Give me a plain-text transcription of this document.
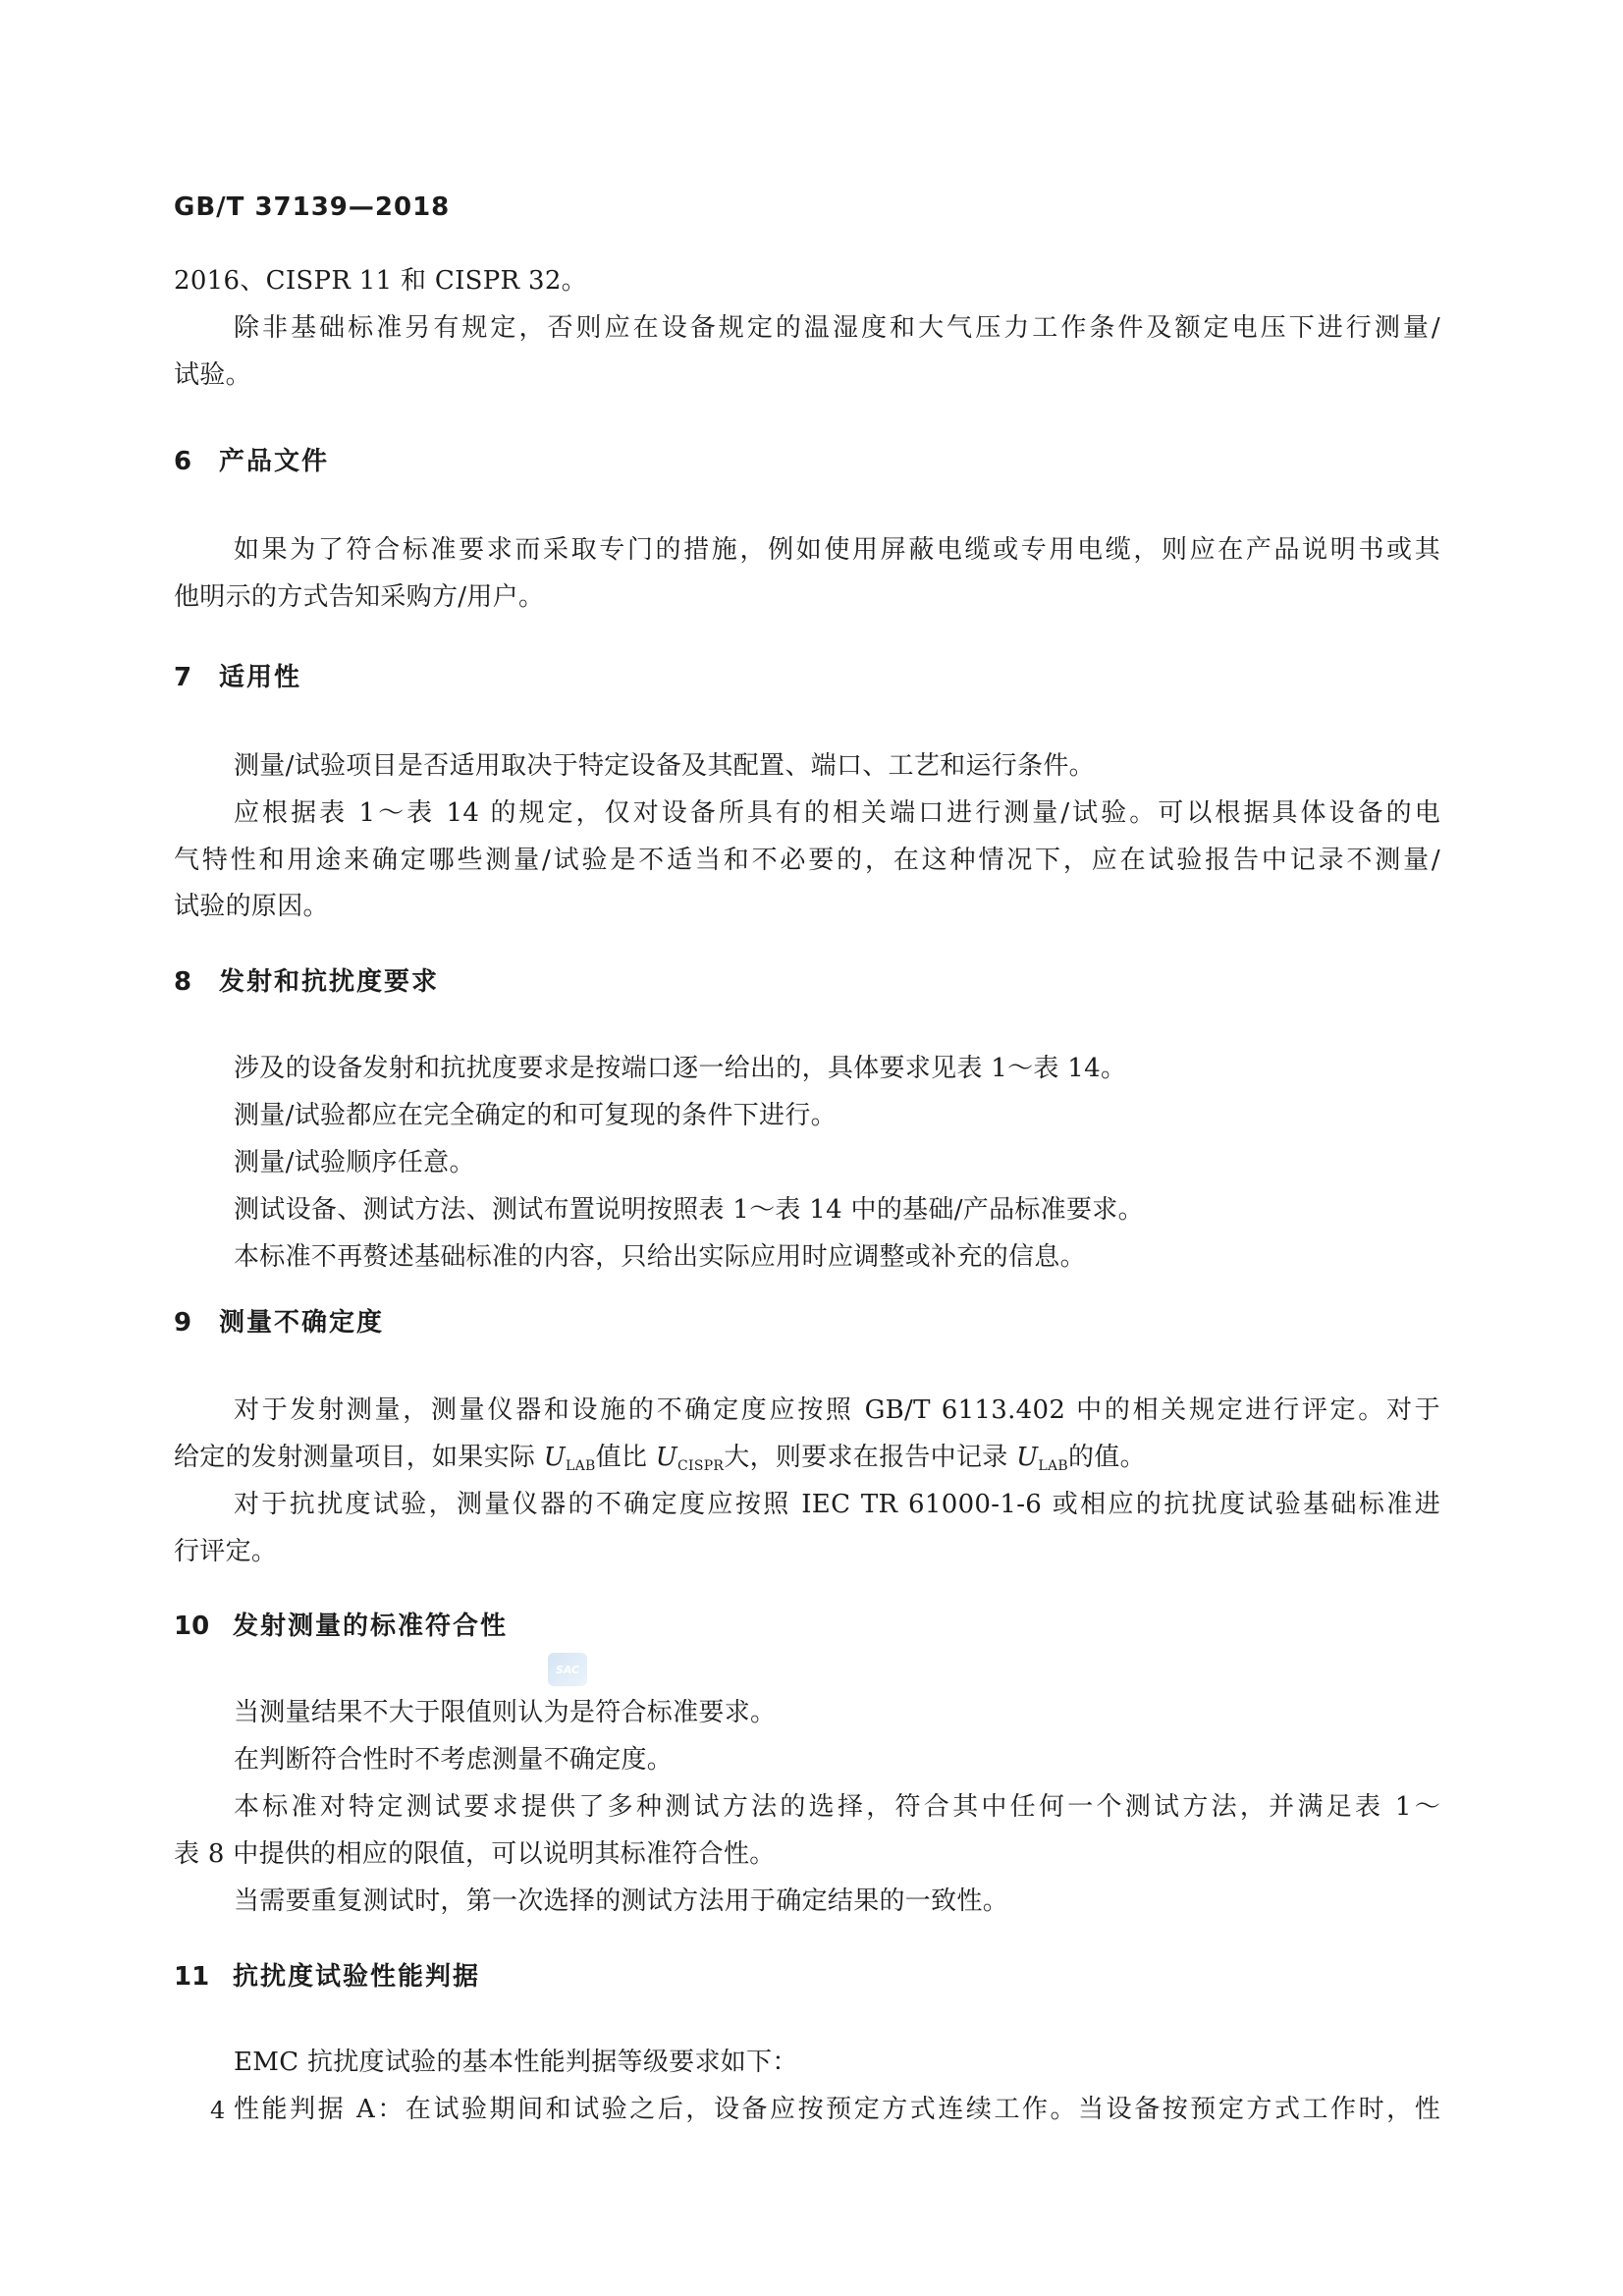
GB/T 37139—2018
2016、CISPR 11 和 CISPR 32。
除非基础标准另有规定，否则应在设备规定的温湿度和大气压力工作条件及额定电压下进行测量/
试验。
6 产品文件
如果为了符合标准要求而采取专门的措施，例如使用屏蔽电缆或专用电缆，则应在产品说明书或其
他明示的方式告知采购方/用户。
7 适用性
测量/试验项目是否适用取决于特定设备及其配置、端口、工艺和运行条件。
应根据表 1～表 14 的规定，仅对设备所具有的相关端口进行测量/试验。可以根据具体设备的电
气特性和用途来确定哪些测量/试验是不适当和不必要的，在这种情况下，应在试验报告中记录不测量/
试验的原因。
8 发射和抗扰度要求
涉及的设备发射和抗扰度要求是按端口逐一给出的，具体要求见表 1～表 14。
测量/试验都应在完全确定的和可复现的条件下进行。
测量/试验顺序任意。
测试设备、测试方法、测试布置说明按照表 1～表 14 中的基础/产品标准要求。
本标准不再赘述基础标准的内容，只给出实际应用时应调整或补充的信息。
9 测量不确定度
对于发射测量，测量仪器和设施的不确定度应按照 GB/T 6113.402 中的相关规定进行评定。对于
给定的发射测量项目，如果实际 $U_{LAB}$值比 $U_{CISPR}$大，则要求在报告中记录 $U_{LAB}$的值。
对于抗扰度试验，测量仪器的不确定度应按照 IEC TR 61000-1-6 或相应的抗扰度试验基础标准进
行评定。
10 发射测量的标准符合性
SAC
当测量结果不大于限值则认为是符合标准要求。
在判断符合性时不考虑测量不确定度。
本标准对特定测试要求提供了多种测试方法的选择，符合其中任何一个测试方法，并满足表 1～
表 8 中提供的相应的限值，可以说明其标准符合性。
当需要重复测试时，第一次选择的测试方法用于确定结果的一致性。
11 抗扰度试验性能判据
EMC 抗扰度试验的基本性能判据等级要求如下：
性能判据 A：在试验期间和试验之后，设备应按预定方式连续工作。当设备按预定方式工作时，性
4
